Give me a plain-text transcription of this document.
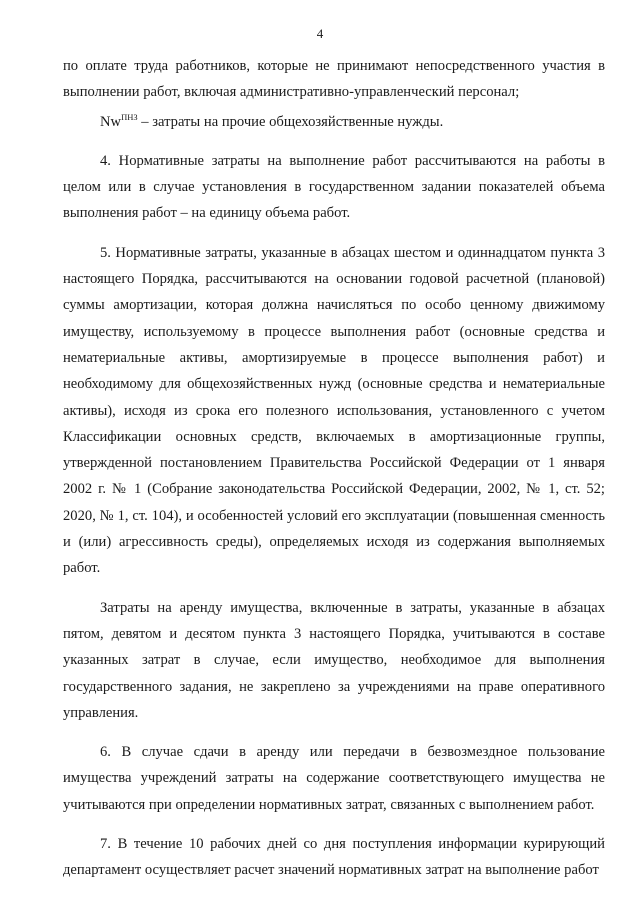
4

по оплате труда работников, которые не принимают непосредственного участия в выполнении работ, включая административно-управленческий персонал;

$Nw^{ПНЗ}$ – затраты на прочие общехозяйственные нужды.

4. Нормативные затраты на выполнение работ рассчитываются на работы в целом или в случае установления в государственном задании показателей объема выполнения работ – на единицу объема работ.

5. Нормативные затраты, указанные в абзацах шестом и одиннадцатом пункта 3 настоящего Порядка, рассчитываются на основании годовой расчетной (плановой) суммы амортизации, которая должна начисляться по особо ценному движимому имуществу, используемому в процессе выполнения работ (основные средства и нематериальные активы, амортизируемые в процессе выполнения работ) и необходимому для общехозяйственных нужд (основные средства и нематериальные активы), исходя из срока его полезного использования, установленного с учетом Классификации основных средств, включаемых в амортизационные группы, утвержденной постановлением Правительства Российской Федерации от 1 января 2002 г. № 1 (Собрание законодательства Российской Федерации, 2002, № 1, ст. 52; 2020, № 1, ст. 104), и особенностей условий его эксплуатации (повышенная сменность и (или) агрессивность среды), определяемых исходя из содержания выполняемых работ.

Затраты на аренду имущества, включенные в затраты, указанные в абзацах пятом, девятом и десятом пункта 3 настоящего Порядка, учитываются в составе указанных затрат в случае, если имущество, необходимое для выполнения государственного задания, не закреплено за учреждениями на праве оперативного управления.

6. В случае сдачи в аренду или передачи в безвозмездное пользование имущества учреждений затраты на содержание соответствующего имущества не учитываются при определении нормативных затрат, связанных с выполнением работ.

7. В течение 10 рабочих дней со дня поступления информации курирующий департамент осуществляет расчет значений нормативных затрат на выполнение работ
